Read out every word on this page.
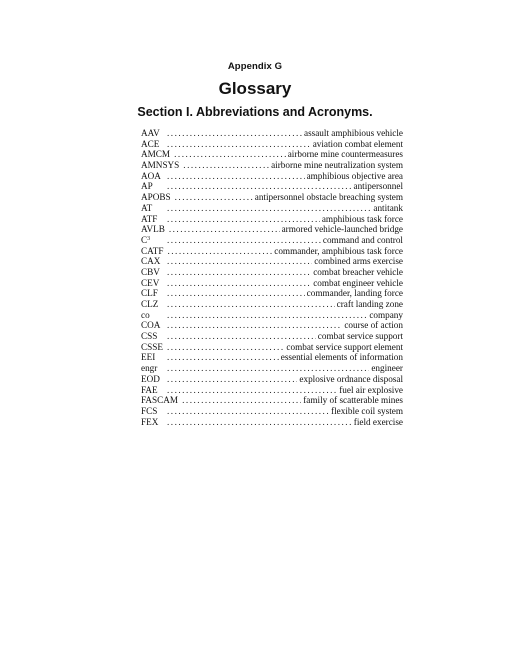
Appendix G
Glossary
Section I. Abbreviations and Acronyms.
AAV . . .	assault amphibious vehicle
ACE . . .	aviation combat element
AMCM . . .	airborne mine countermeasures
AMNSYS . . .	airborne mine neutralization system
AOA . . .	amphibious objective area
AP . . .	antipersonnel
APOBS . . .	antipersonnel obstacle breaching system
AT . . .	antitank
ATF . . .	amphibious task force
AVLB . . .	armored vehicle-launched bridge
$C^3$ . . .	command and control
CATF . . .	commander, amphibious task force
CAX . . .	combined arms exercise
CBV . . .	combat breacher vehicle
CEV . . .	combat engineer vehicle
CLF . . .	commander, landing force
CLZ . . .	craft landing zone
co . . .	company
COA . . .	course of action
CSS . . .	combat service support
CSSE . . .	combat service support element
EEI . . .	essential elements of information
engr . . .	engineer
EOD . . .	explosive ordnance disposal
FAE . . .	fuel air explosive
FASCAM . . .	family of scatterable mines
FCS . . .	flexible coil system
FEX . . .	field exercise
